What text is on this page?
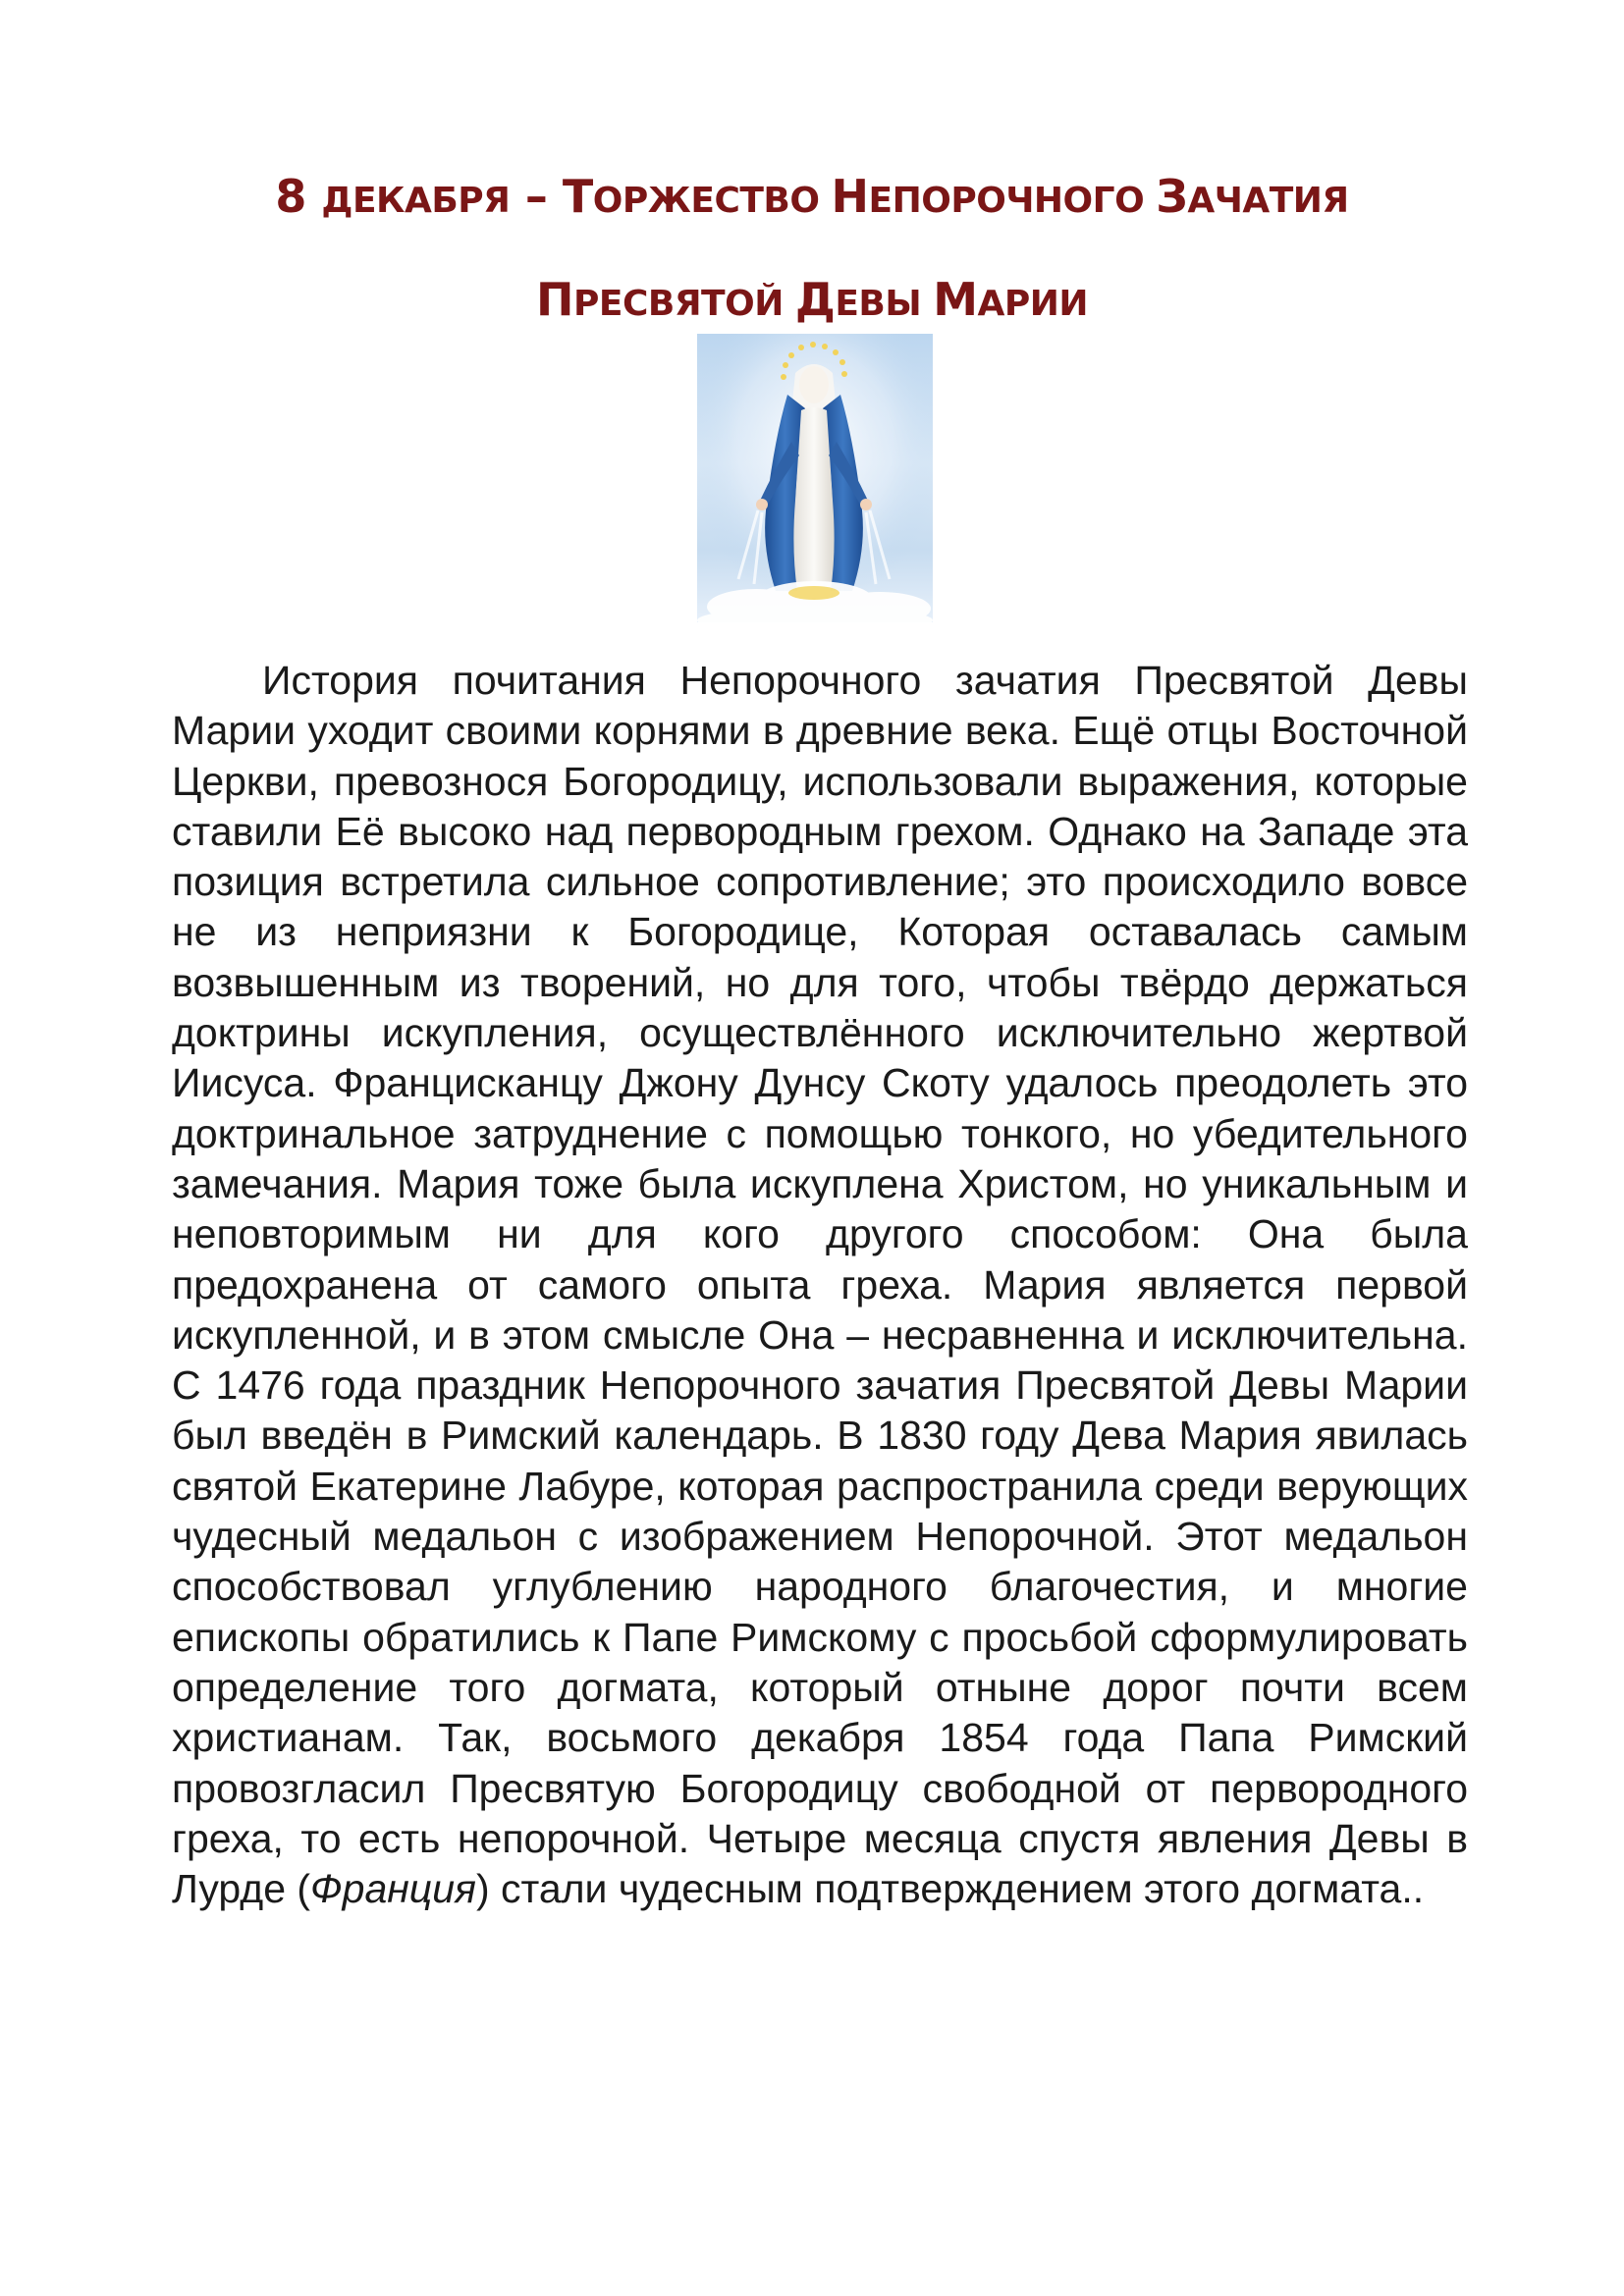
8 ДЕКАБРЯ – ТОРЖЕСТВО НЕПОРОЧНОГО ЗАЧАТИЯ
ПРЕСВЯТОЙ ДЕВЫ МАРИИ

История почитания Непорочного зачатия Пресвятой Девы Марии уходит своими корнями в древние века. Ещё отцы Восточной Церкви, превознося Богородицу, использовали выражения, которые ставили Её высоко над первородным грехом. Однако на Западе эта позиция встретила сильное сопротивление; это происходило вовсе не из неприязни к Богородице, Которая оставалась самым возвышенным из творений, но для того, чтобы твёрдо держаться доктрины искупления, осуществлённого исключительно жертвой Иисуса. Францисканцу Джону Дунсу Скоту удалось преодолеть это доктринальное затруднение с помощью тонкого, но убедительного замечания. Мария тоже была искуплена Христом, но уникальным и неповторимым ни для кого другого способом: Она была предохранена от самого опыта греха. Мария является первой искупленной, и в этом смысле Она – несравненна и исключительна. С 1476 года праздник Непорочного зачатия Пресвятой Девы Марии был введён в Римский календарь. В 1830 году Дева Мария явилась святой Екатерине Лабуре, которая распространила среди верующих чудесный медальон с изображением Непорочной. Этот медальон способствовал углублению народного благочестия, и многие епископы обратились к Папе Римскому с просьбой сформулировать определение того догмата, который отныне дорог почти всем христианам. Так, восьмого декабря 1854 года Папа Римский провозгласил Пресвятую Богородицу свободной от первородного греха, то есть непорочной. Четыре месяца спустя явления Девы в Лурде (Франция) стали чудесным подтверждением этого догмата..
